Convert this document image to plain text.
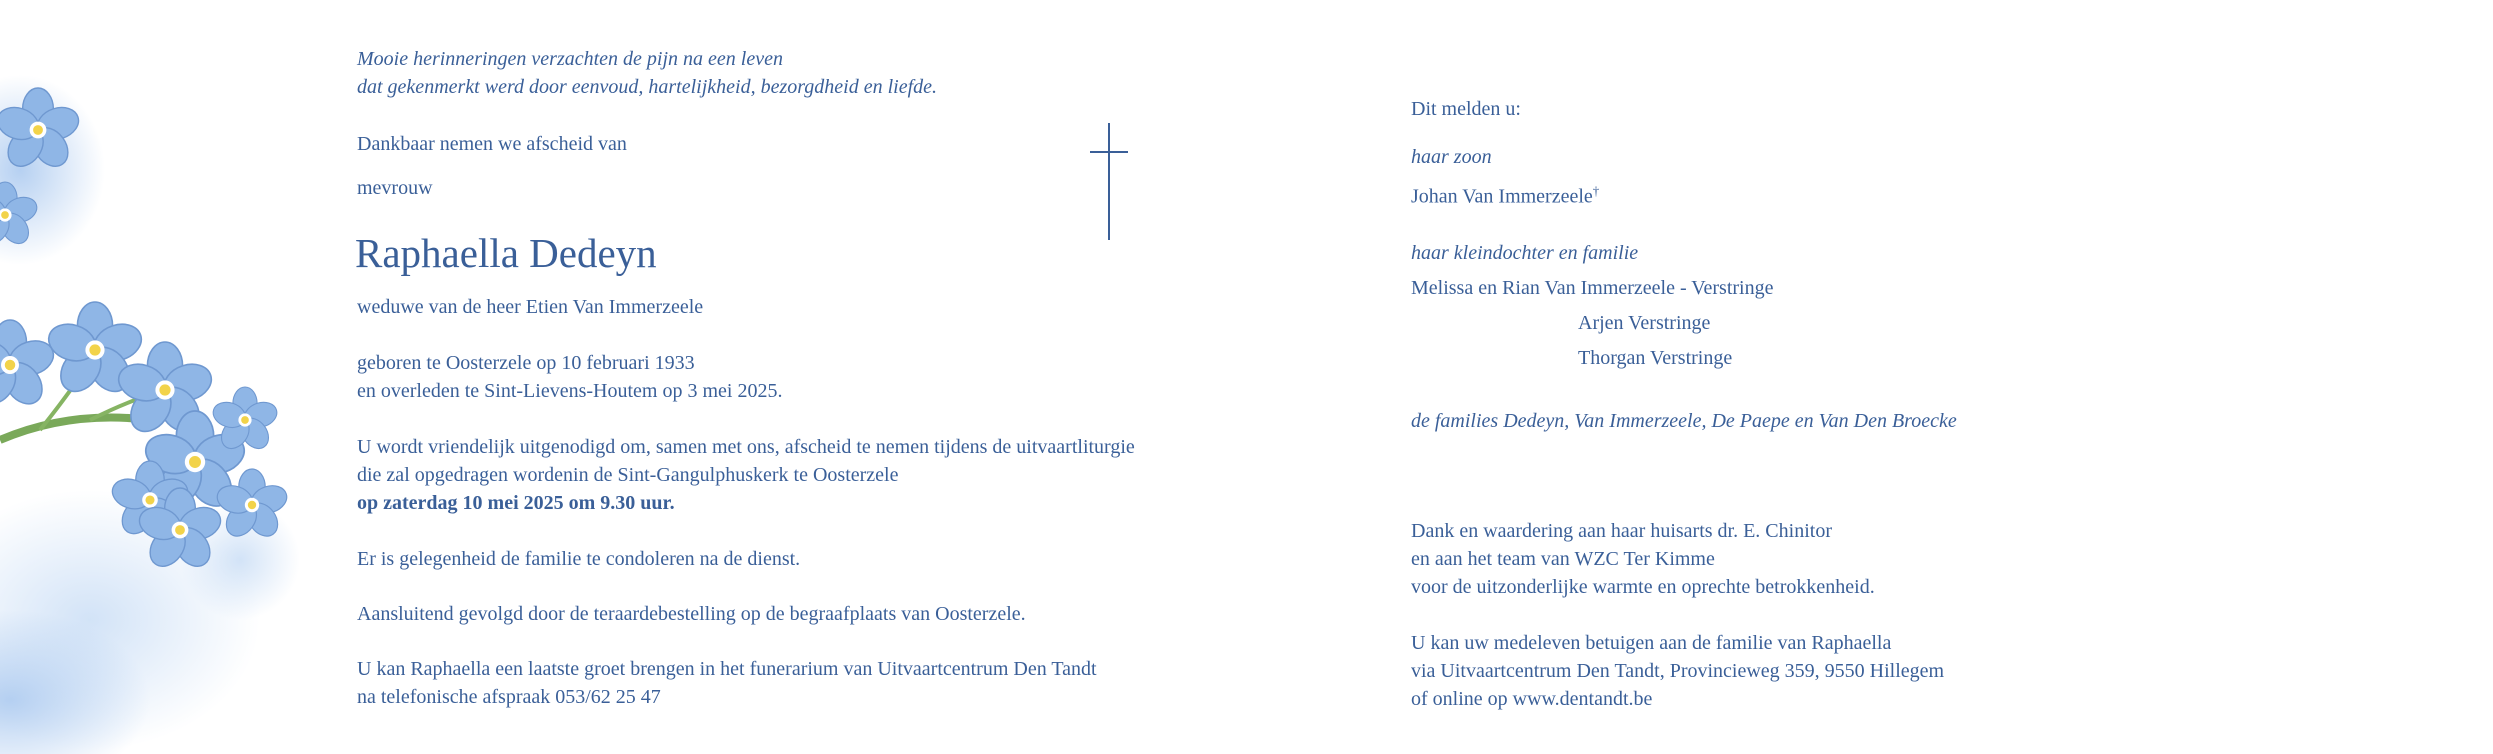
Mooie herinneringen verzachten de pijn na een leven
dat gekenmerkt werd door eenvoud, hartelijkheid, bezorgdheid en liefde.
Dankbaar nemen we afscheid van
mevrouw
Raphaella Dedeyn
weduwe van de heer Etien Van Immerzeele
geboren te Oosterzele op 10 februari 1933
en overleden te Sint-Lievens-Houtem op 3 mei 2025.
U wordt vriendelijk uitgenodigd om, samen met ons, afscheid te nemen tijdens de uitvaartliturgie
die zal opgedragen wordenin de Sint-Gangulphuskerk te Oosterzele
op zaterdag 10 mei 2025 om 9.30 uur.
Er is gelegenheid de familie te condoleren na de dienst.
Aansluitend gevolgd door de teraardebestelling op de begraafplaats van Oosterzele.
U kan Raphaella een laatste groet brengen in het funerarium van Uitvaartcentrum Den Tandt
na telefonische afspraak 053/62 25 47
Dit melden u:
haar zoon
Johan Van Immerzeele†
haar kleindochter en familie
Melissa en Rian Van Immerzeele - Verstringe
Arjen Verstringe
Thorgan Verstringe
de families Dedeyn, Van Immerzeele, De Paepe en Van Den Broecke
Dank en waardering aan haar huisarts dr. E. Chinitor
en aan het team van WZC Ter Kimme
voor de uitzonderlijke warmte en oprechte betrokkenheid.
U kan uw medeleven betuigen aan de familie van Raphaella
via Uitvaartcentrum Den Tandt, Provincieweg 359, 9550 Hillegem
of online op www.dentandt.be
